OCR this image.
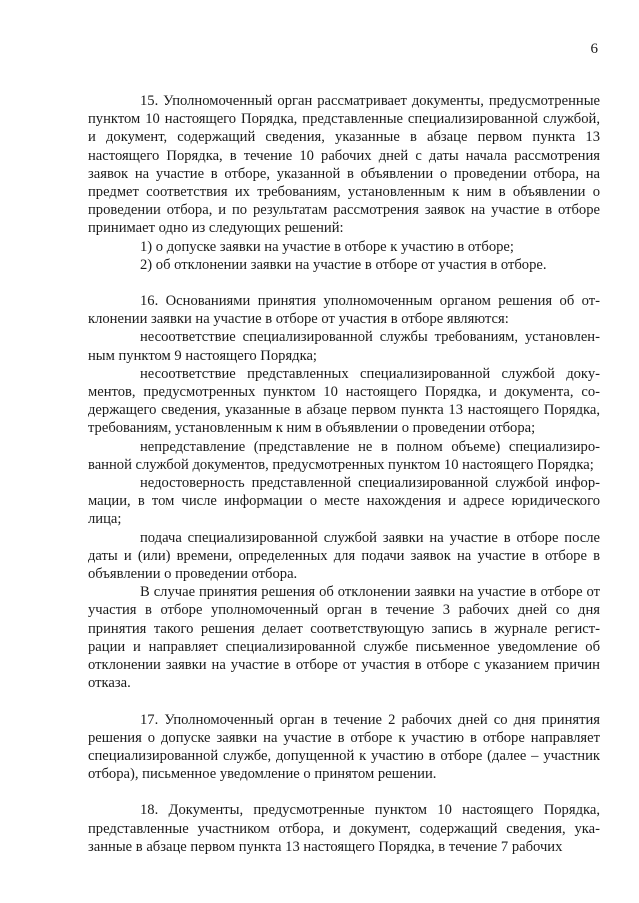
6

15. Уполномоченный орган рассматривает документы, предусмотренные пунктом 10 настоящего Порядка, представленные специализированной службой, и документ, содержащий сведения, указанные в абзаце первом пункта 13 настоящего Порядка, в течение 10 рабочих дней с даты начала рассмотрения заявок на участие в отборе, указанной в объявлении о проведении отбора, на предмет соответствия их требованиям, установленным к ним в объявлении о проведении отбора, и по результатам рассмотрения заявок на участие в отборе принимает одно из следующих решений:

1) о допуске заявки на участие в отборе к участию в отборе;

2) об отклонении заявки на участие в отборе от участия в отборе.

16. Основаниями принятия уполномоченным органом решения об отклонении заявки на участие в отборе от участия в отборе являются:

несоответствие специализированной службы требованиям, установленным пунктом 9 настоящего Порядка;

несоответствие представленных специализированной службой документов, предусмотренных пунктом 10 настоящего Порядка, и документа, содержащего сведения, указанные в абзаце первом пункта 13 настоящего Порядка, требованиям, установленным к ним в объявлении о проведении отбора;

непредставление (представление не в полном объеме) специализированной службой документов, предусмотренных пунктом 10 настоящего Порядка;

недостоверность представленной специализированной службой информации, в том числе информации о месте нахождения и адресе юридического лица;

подача специализированной службой заявки на участие в отборе после даты и (или) времени, определенных для подачи заявок на участие в отборе в объявлении о проведении отбора.

В случае принятия решения об отклонении заявки на участие в отборе от участия в отборе уполномоченный орган в течение 3 рабочих дней со дня принятия такого решения делает соответствующую запись в журнале регистрации и направляет специализированной службе письменное уведомление об отклонении заявки на участие в отборе от участия в отборе с указанием причин отказа.

17. Уполномоченный орган в течение 2 рабочих дней со дня принятия решения о допуске заявки на участие в отборе к участию в отборе направляет специализированной службе, допущенной к участию в отборе (далее – участник отбора), письменное уведомление о принятом решении.

18. Документы, предусмотренные пунктом 10 настоящего Порядка, представленные участником отбора, и документ, содержащий сведения, указанные в абзаце первом пункта 13 настоящего Порядка, в течение 7 рабочих
